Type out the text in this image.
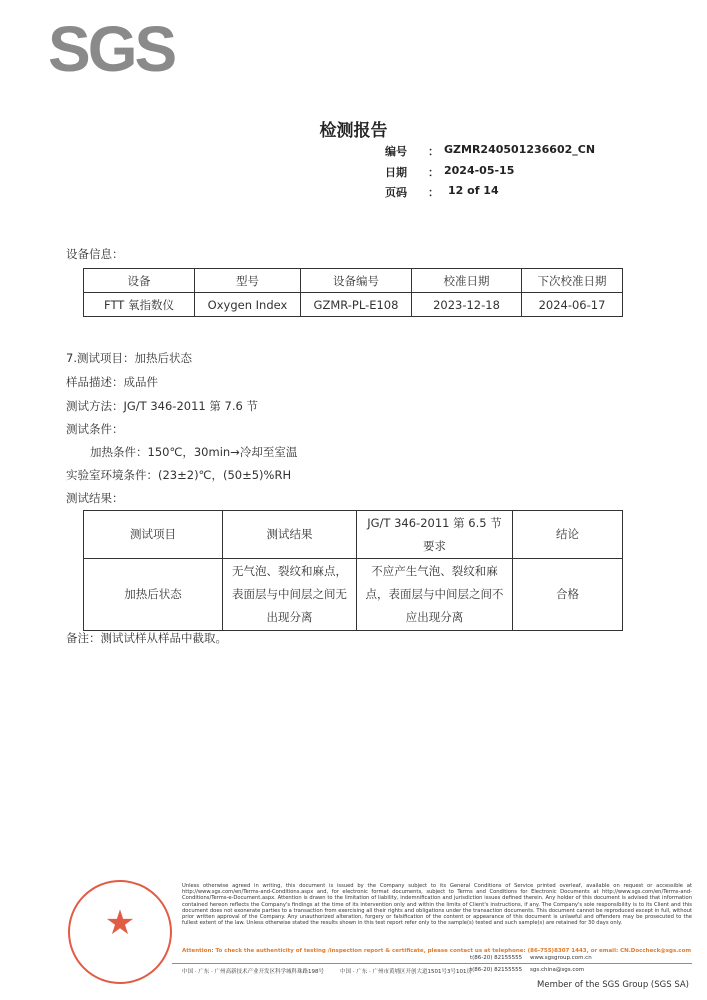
SGS
检测报告
编号	： GZMR240501236602_CN
日期	： 2024-05-15
页码	： 12 of 14
设备信息：
设备	型号	设备编号	校准日期	下次校准日期
FTT 氧指数仪	Oxygen Index	GZMR-PL-E108	2023-12-18	2024-06-17
7.测试项目：加热后状态
样品描述：成品件
测试方法：JG/T 346-2011 第 7.6 节
测试条件：
加热条件：150℃，30min→冷却至室温
实验室环境条件：(23±2)℃，(50±5)%RH
测试结果：
测试项目	测试结果	JG/T 346-2011 第 6.5 节要求	结论
加热后状态	无气泡、裂纹和麻点，表面层与中间层之间无出现分离	不应产生气泡、裂纹和麻点，表面层与中间层之间不应出现分离	合格
备注：测试试样从样品中截取。
★
Unless otherwise agreed in writing, this document is issued by the Company subject to its General Conditions of Service printed overleaf, available on request or accessible at http://www.sgs.com/en/Terms-and-Conditions.aspx and, for electronic format documents, subject to Terms and Conditions for Electronic Documents at http://www.sgs.com/en/Terms-and-Conditions/Terms-e-Document.aspx. Attention is drawn to the limitation of liability, indemnification and jurisdiction issues defined therein. Any holder of this document is advised that information contained hereon reflects the Company's findings at the time of its intervention only and within the limits of Client's instructions, if any. The Company's sole responsibility is to its Client and this document does not exonerate parties to a transaction from exercising all their rights and obligations under the transaction documents. This document cannot be reproduced except in full, without prior written approval of the Company. Any unauthorized alteration, forgery or falsification of the content or appearance of this document is unlawful and offenders may be prosecuted to the fullest extent of the law. Unless otherwise stated the results shown in this test report refer only to the sample(s) tested and such sample(s) are retained for 30 days only.
Attention: To check the authenticity of testing /inspection report & certificate, please contact us at telephone: (86-755)8307 1443, or email: CN.Doccheck@sgs.com
中国 · 广东 · 广州高新技术产业开发区科学城科珠路198号	中国 · 广东 · 广州市黄埔区开创大道1501号3号101房
t(86-20) 82155555 www.sgsgroup.com.cn
t(86-20) 82155555 sgs.china@sgs.com
Member of the SGS Group (SGS SA)
